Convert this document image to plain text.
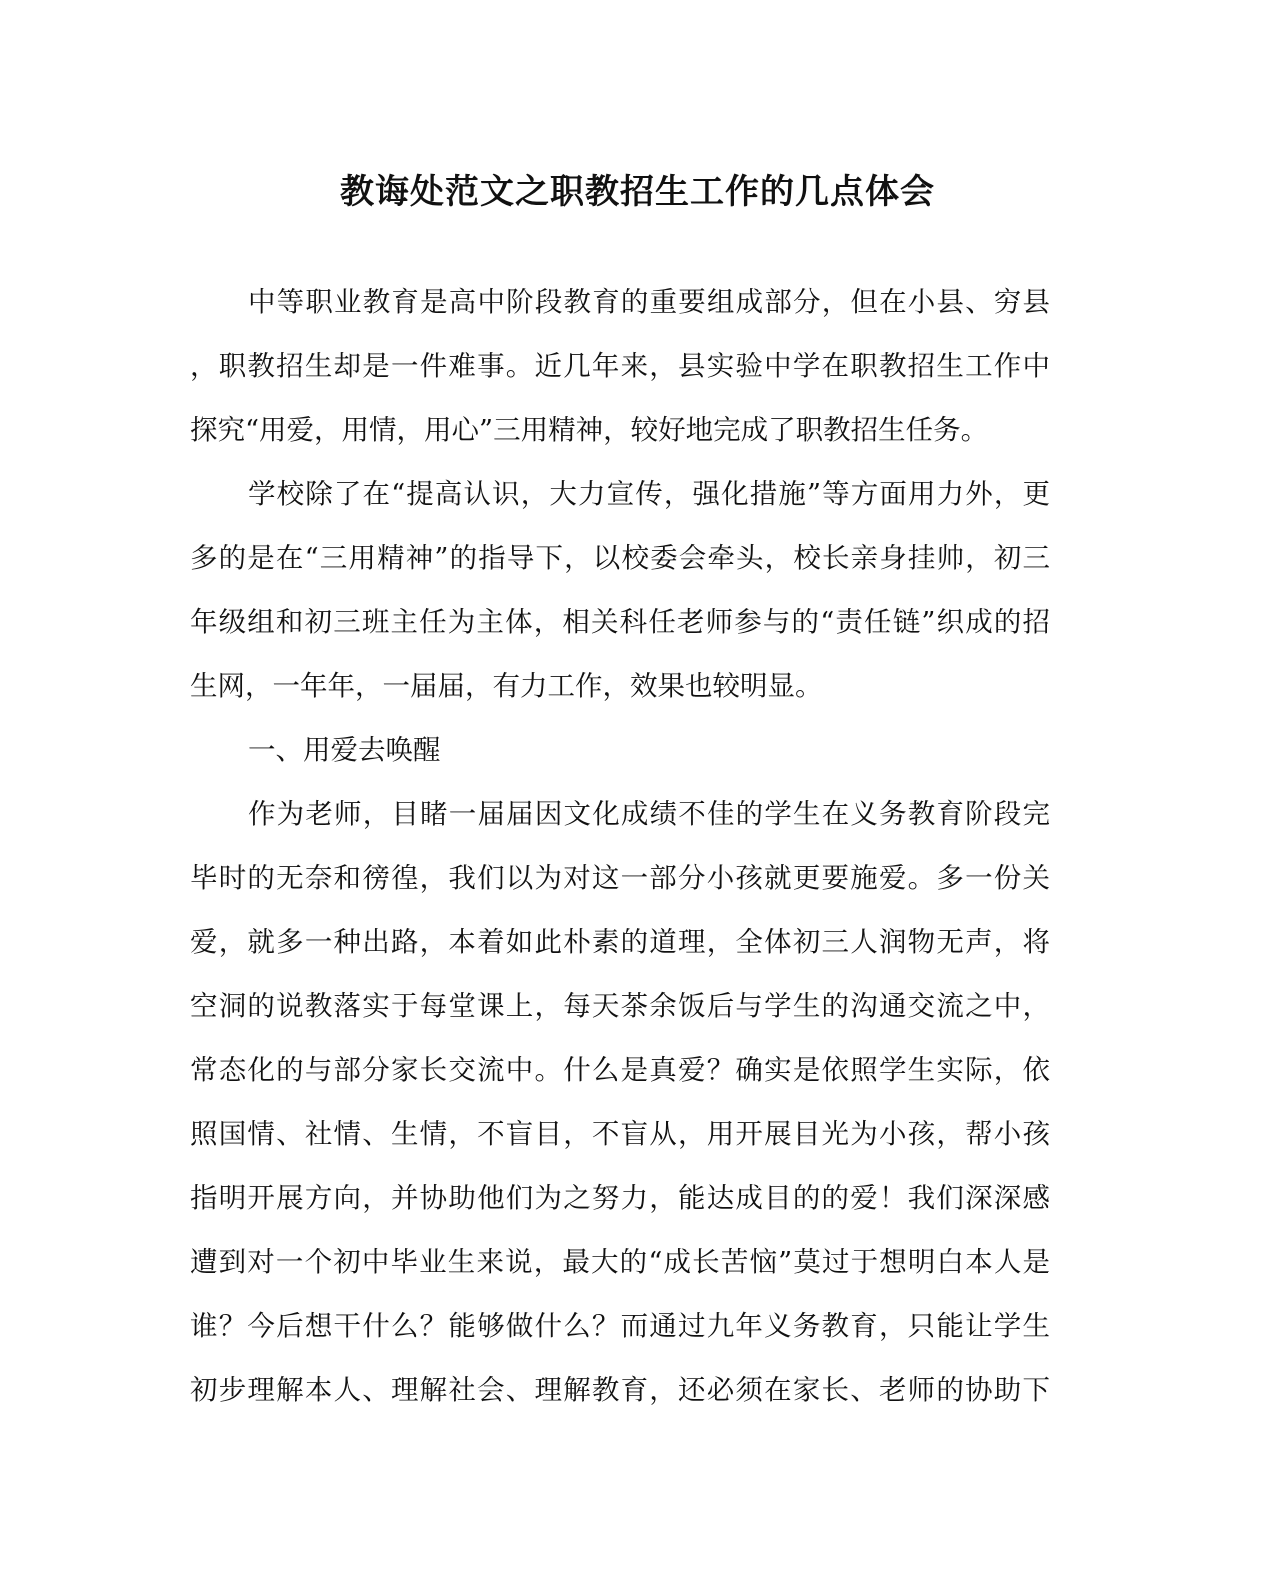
教诲处范文之职教招生工作的几点体会
中等职业教育是高中阶段教育的重要组成部分，但在小县、穷县
，职教招生却是一件难事。近几年来，县实验中学在职教招生工作中
探究“用爱，用情，用心”三用精神，较好地完成了职教招生任务。
学校除了在“提高认识，大力宣传，强化措施”等方面用力外，更
多的是在“三用精神”的指导下，以校委会牵头，校长亲身挂帅，初三
年级组和初三班主任为主体，相关科任老师参与的“责任链”织成的招
生网，一年年，一届届，有力工作，效果也较明显。
一、用爱去唤醒
作为老师，目睹一届届因文化成绩不佳的学生在义务教育阶段完
毕时的无奈和徬徨，我们以为对这一部分小孩就更要施爱。多一份关
爱，就多一种出路，本着如此朴素的道理，全体初三人润物无声，将
空洞的说教落实于每堂课上，每天茶余饭后与学生的沟通交流之中，
常态化的与部分家长交流中。什么是真爱？确实是依照学生实际，依
照国情、社情、生情，不盲目，不盲从，用开展目光为小孩，帮小孩
指明开展方向，并协助他们为之努力，能达成目的的爱！我们深深感
遭到对一个初中毕业生来说，最大的“成长苦恼”莫过于想明白本人是
谁？今后想干什么？能够做什么？而通过九年义务教育，只能让学生
初步理解本人、理解社会、理解教育，还必须在家长、老师的协助下
